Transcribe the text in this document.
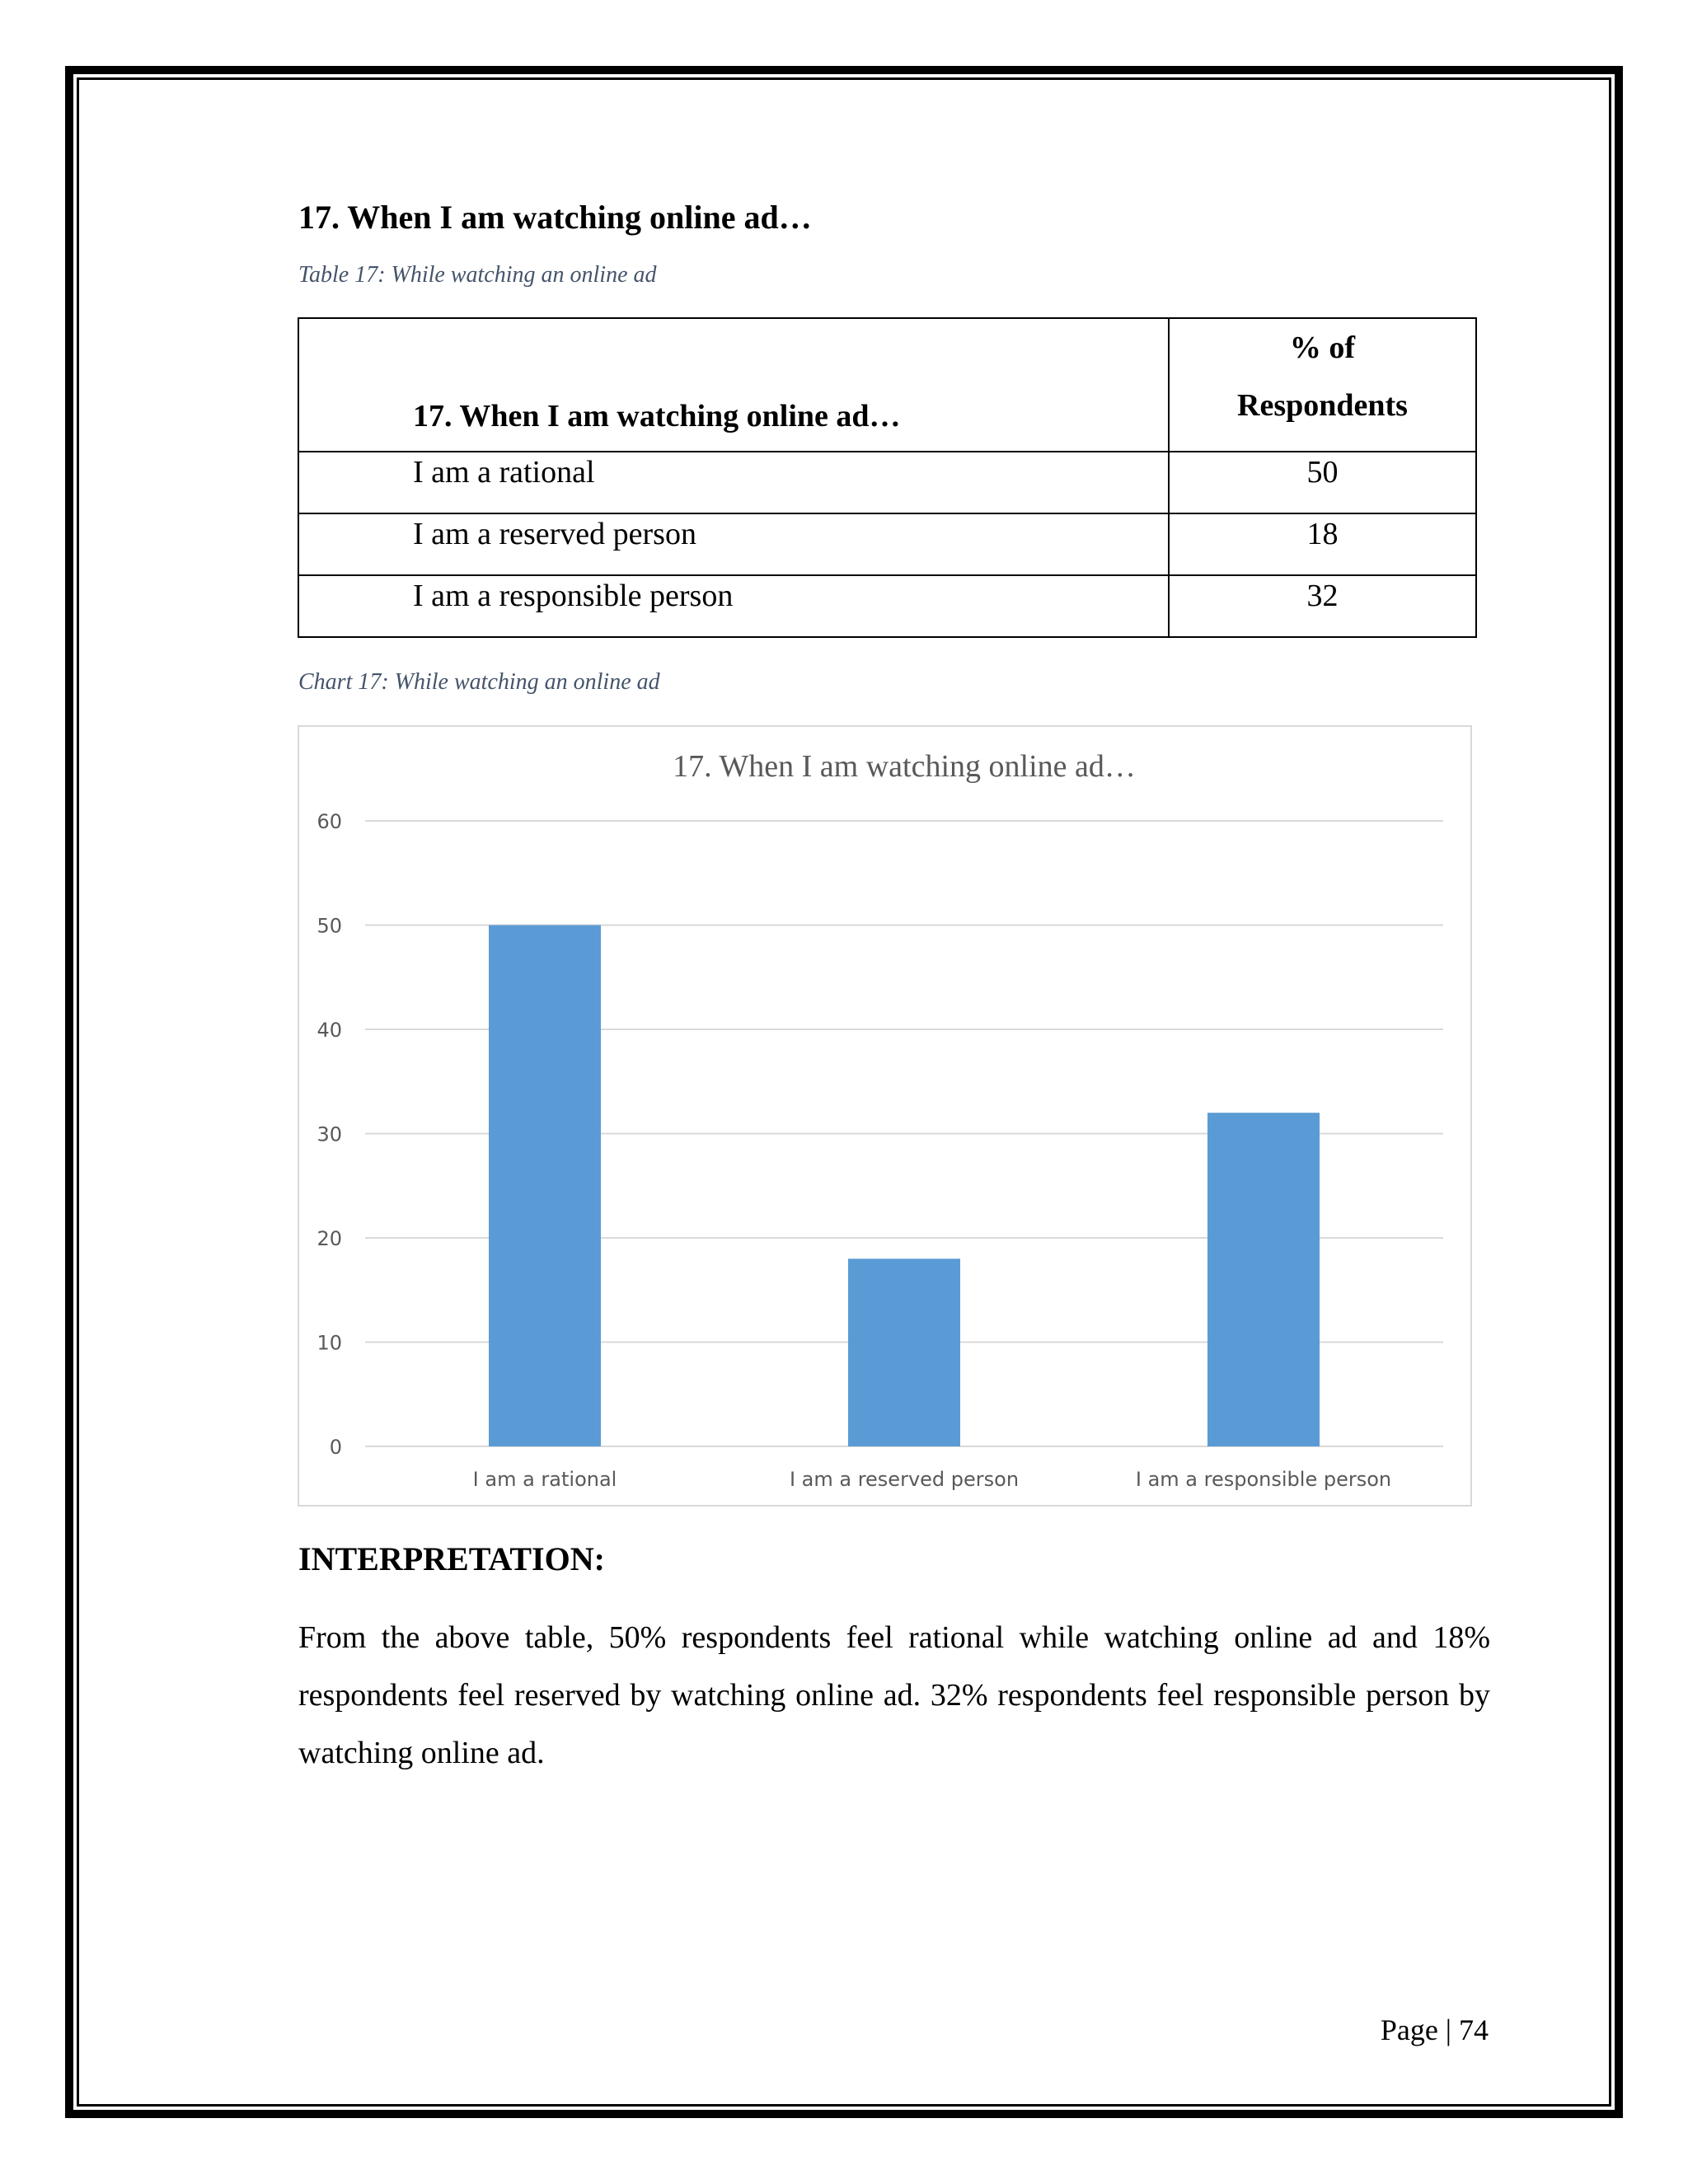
17. When I am watching online ad…
Table 17: While watching an online ad
17. When I am watching online ad…	% of Respondents
I am a rational	50
I am a reserved person	18
I am a responsible person	32
Chart 17: While watching an online ad
17. When I am watching online ad…
0
10
20
30
40
50
60
I am a rational	I am a reserved person	I am a responsible person
INTERPRETATION:

From the above table, 50% respondents feel rational while watching online ad and 18% respondents feel reserved by watching online ad. 32% respondents feel responsible person by watching online ad.

Page | 74
